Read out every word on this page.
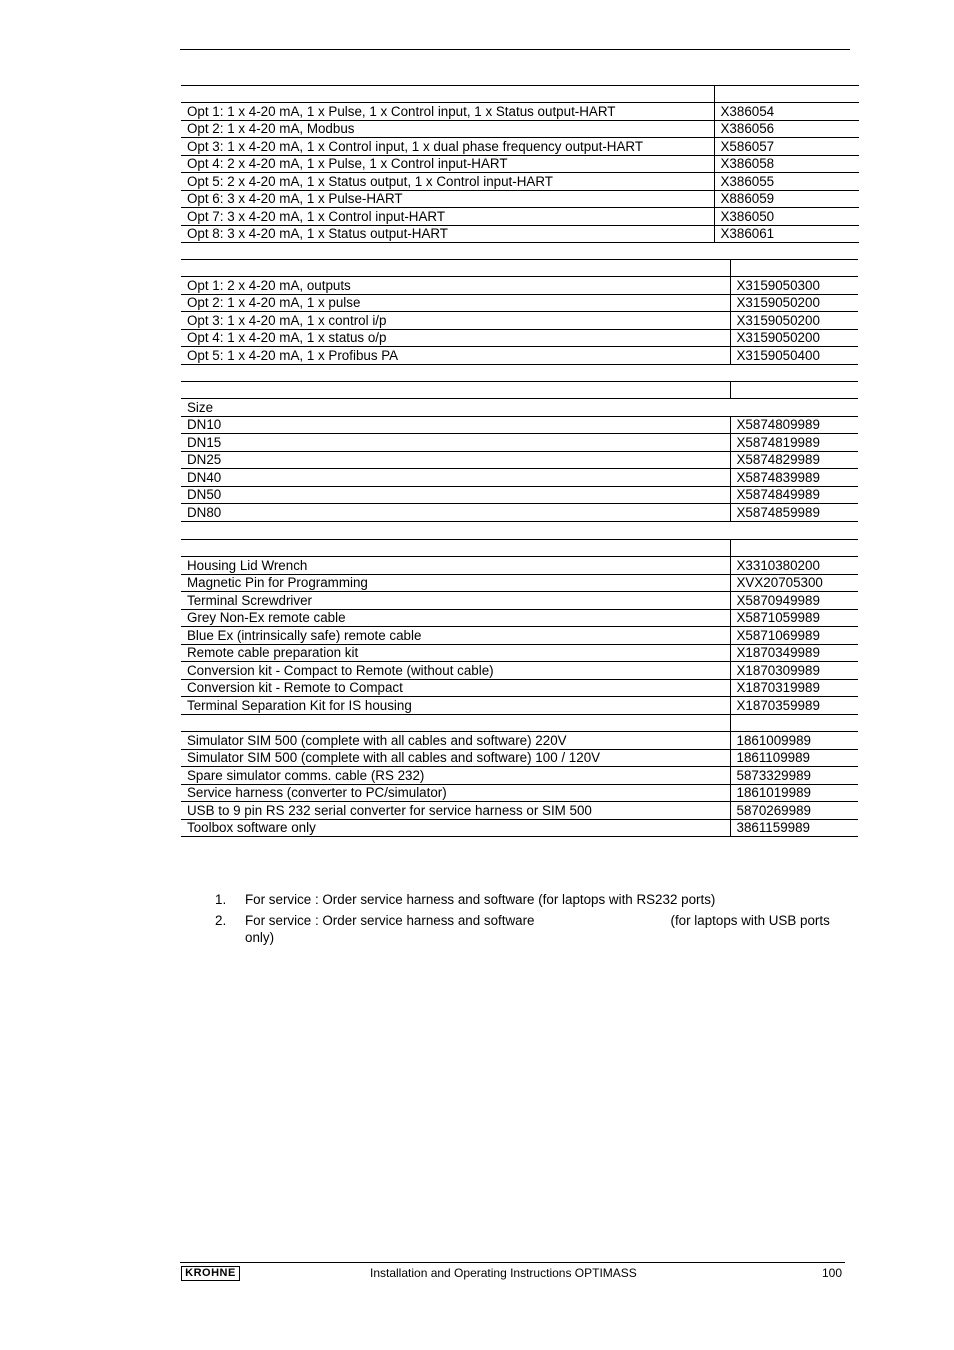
Opt 1: 1 x 4-20 mA, 1 x Pulse, 1 x Control input, 1 x Status output-HART	X386054
Opt 2: 1 x 4-20 mA, Modbus	X386056
Opt 3: 1 x 4-20 mA, 1 x Control input, 1 x dual phase frequency output-HART	X586057
Opt 4: 2 x 4-20 mA, 1 x Pulse, 1 x Control input-HART	X386058
Opt 5: 2 x 4-20 mA, 1 x Status output, 1 x Control input-HART	X386055
Opt 6: 3 x 4-20 mA, 1 x Pulse-HART	X886059
Opt 7: 3 x 4-20 mA, 1 x Control input-HART	X386050
Opt 8: 3 x 4-20 mA, 1 x Status output-HART	X386061

Opt 1: 2 x 4-20 mA, outputs	X3159050300
Opt 2: 1 x 4-20 mA, 1 x pulse	X3159050200
Opt 3: 1 x 4-20 mA, 1 x control i/p	X3159050200
Opt 4: 1 x 4-20 mA, 1 x status o/p	X3159050200
Opt 5: 1 x 4-20 mA, 1 x Profibus PA	X3159050400

Size	
DN10	X5874809989
DN15	X5874819989
DN25	X5874829989
DN40	X5874839989
DN50	X5874849989
DN80	X5874859989

Housing Lid Wrench	X3310380200
Magnetic Pin for Programming	XVX20705300
Terminal Screwdriver	X5870949989
Grey Non-Ex remote cable	X5871059989
Blue Ex (intrinsically safe) remote cable	X5871069989
Remote cable preparation kit	X1870349989
Conversion kit - Compact to Remote (without cable)	X1870309989
Conversion kit - Remote to Compact	X1870319989
Terminal Separation Kit for IS housing	X1870359989

Simulator SIM 500 (complete with all cables and software) 220V	1861009989
Simulator SIM 500 (complete with all cables and software) 100 / 120V	1861109989
Spare simulator comms. cable (RS 232)	5873329989
Service harness (converter to PC/simulator)	1861019989
USB to 9 pin RS 232 serial converter for service harness or SIM 500	5870269989
Toolbox software only	3861159989
1. For service : Order service harness and software (for laptops with RS232 ports)
2. For service : Order service harness and software	(for laptops with USB ports only)
KROHNE	Installation and Operating Instructions OPTIMASS	100
